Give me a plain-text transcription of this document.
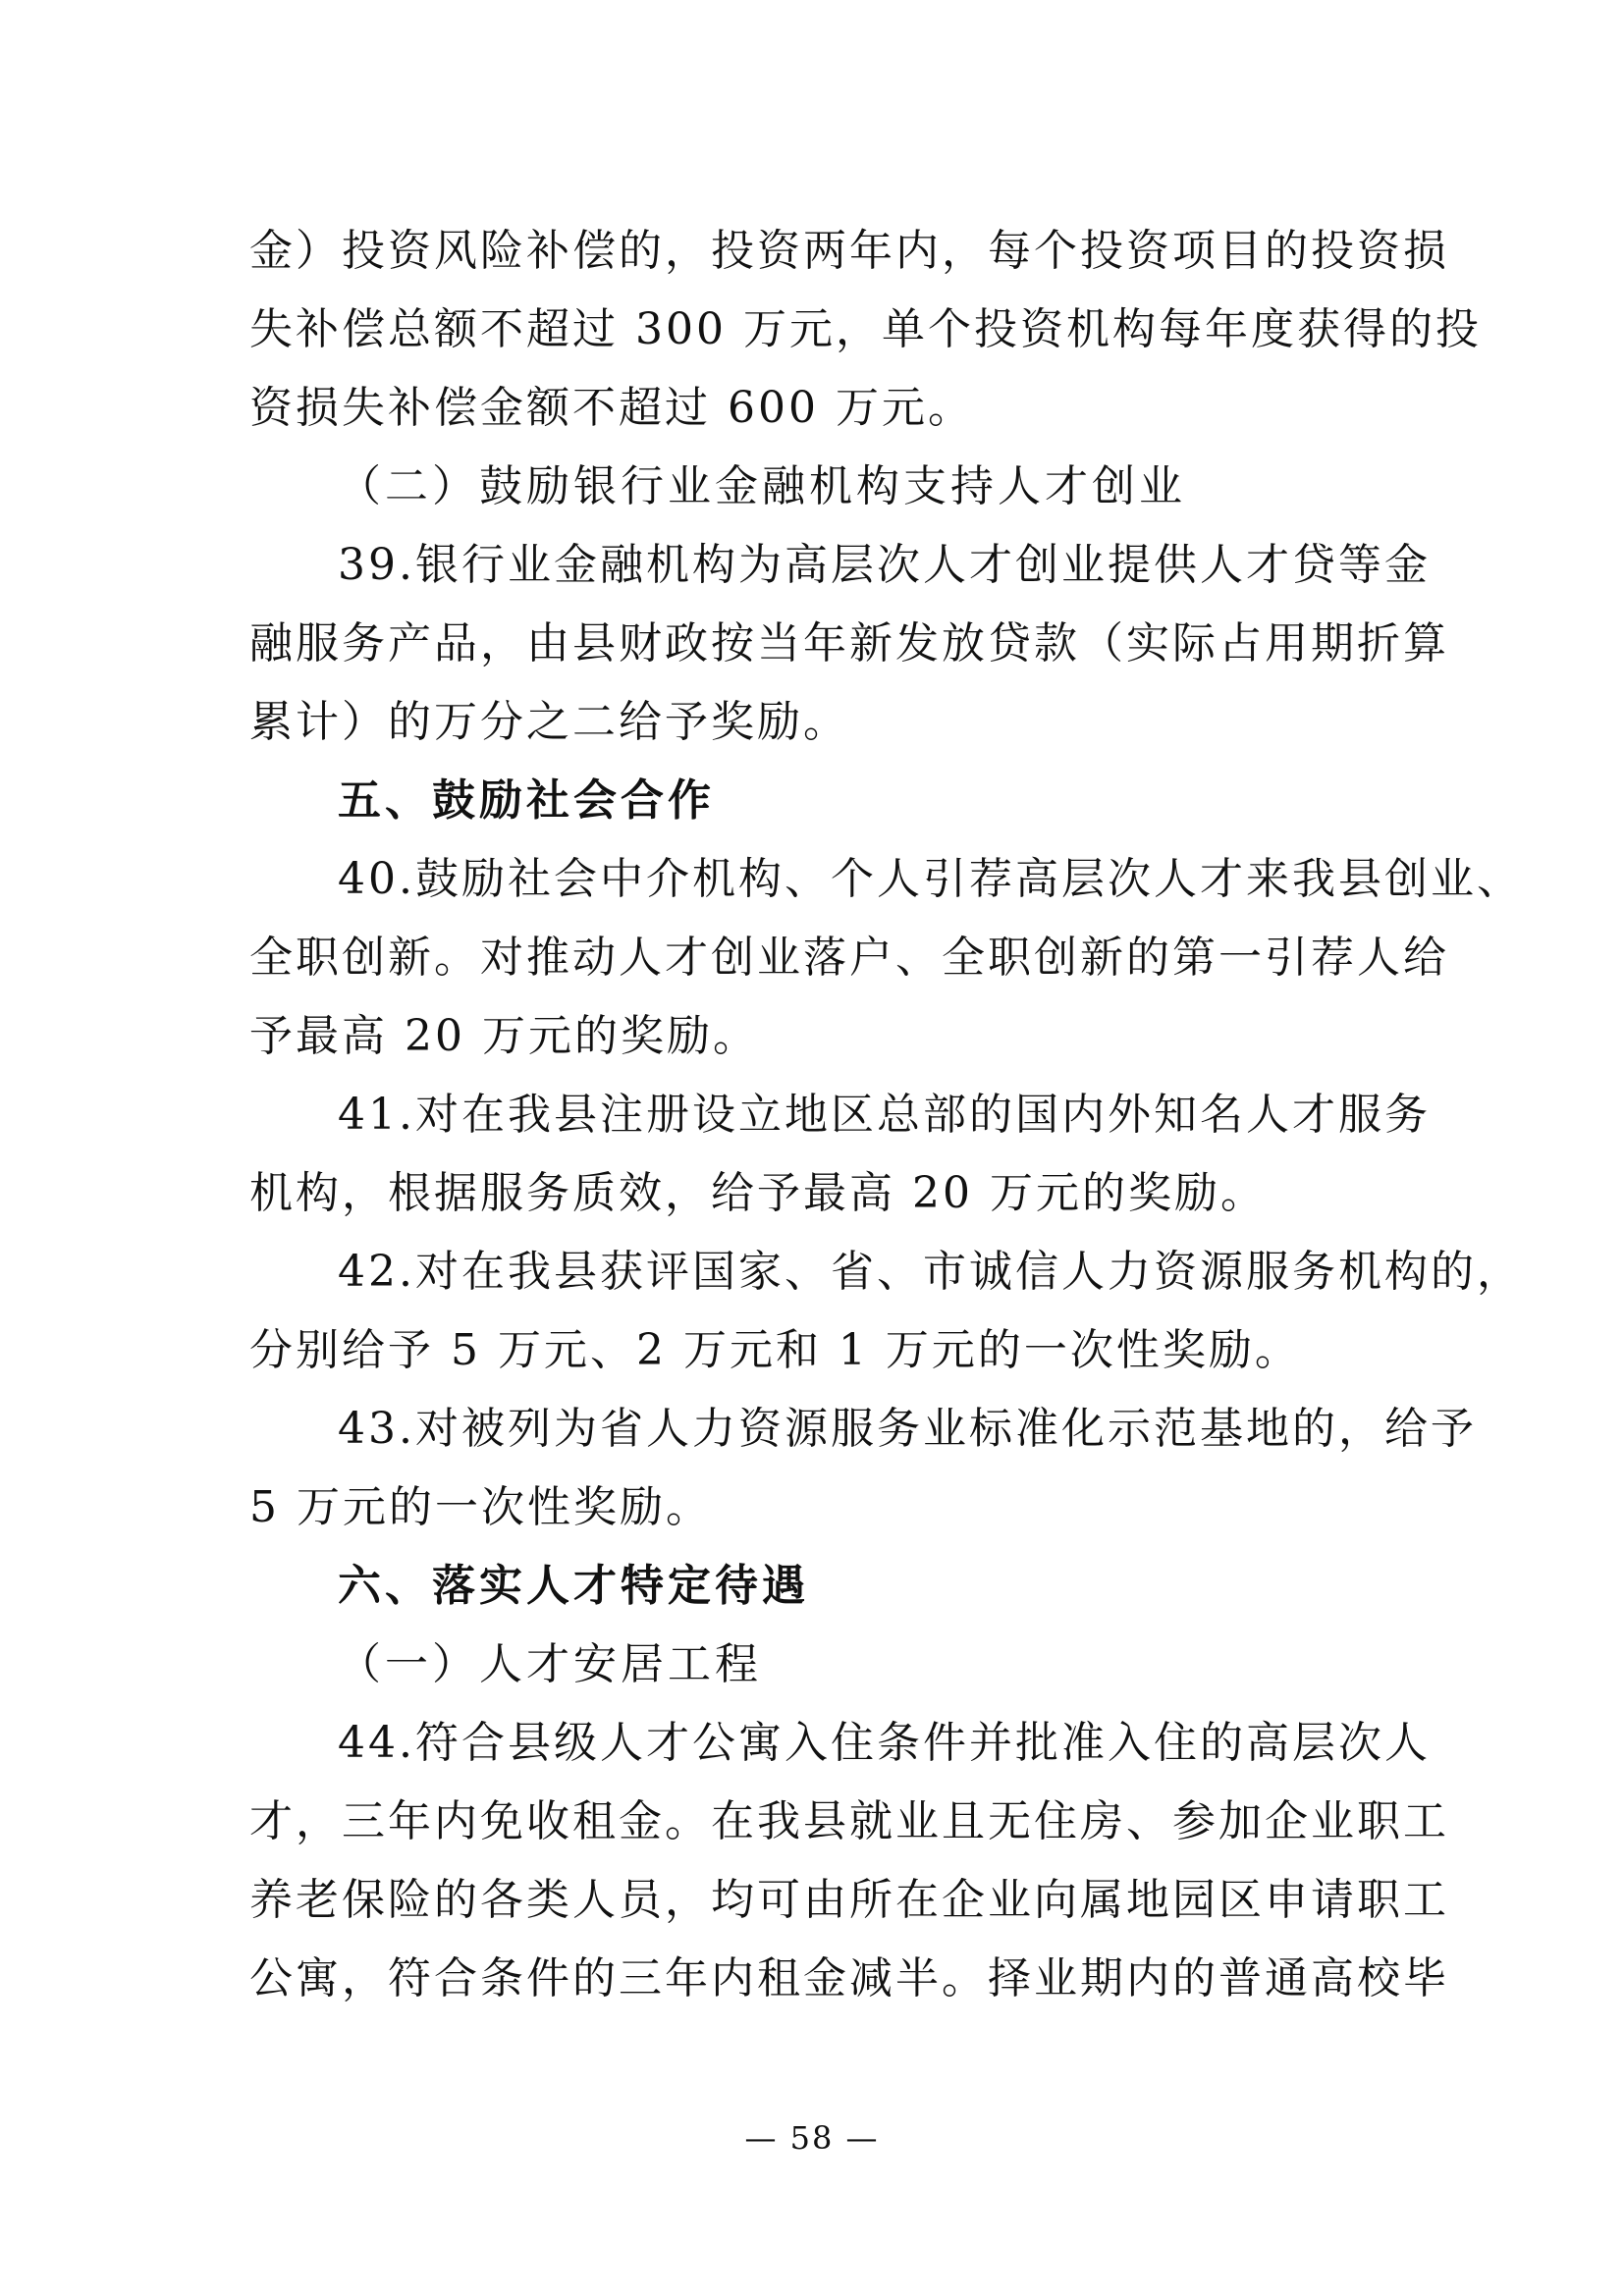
金）投资风险补偿的，投资两年内，每个投资项目的投资损
失补偿总额不超过 300 万元，单个投资机构每年度获得的投
资损失补偿金额不超过 600 万元。
（二）鼓励银行业金融机构支持人才创业
39.银行业金融机构为高层次人才创业提供人才贷等金
融服务产品，由县财政按当年新发放贷款（实际占用期折算
累计）的万分之二给予奖励。
五、鼓励社会合作
40.鼓励社会中介机构、个人引荐高层次人才来我县创业、
全职创新。对推动人才创业落户、全职创新的第一引荐人给
予最高 20 万元的奖励。
41.对在我县注册设立地区总部的国内外知名人才服务
机构，根据服务质效，给予最高 20 万元的奖励。
42.对在我县获评国家、省、市诚信人力资源服务机构的，
分别给予 5 万元、2 万元和 1 万元的一次性奖励。
43.对被列为省人力资源服务业标准化示范基地的，给予
5 万元的一次性奖励。
六、落实人才特定待遇
（一）人才安居工程
44.符合县级人才公寓入住条件并批准入住的高层次人
才，三年内免收租金。在我县就业且无住房、参加企业职工
养老保险的各类人员，均可由所在企业向属地园区申请职工
公寓，符合条件的三年内租金减半。择业期内的普通高校毕
— 58 —
